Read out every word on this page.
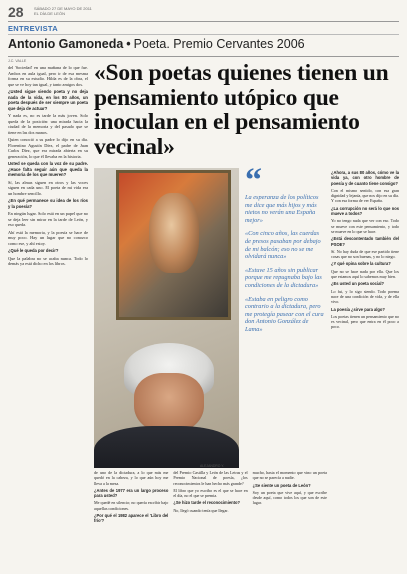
28	SÁBADO 27 DE MAYO DE 2011
EL DÍA DE LEÓN
ENTREVISTA
Antonio Gamoneda • Poeta. Premio Cervantes 2006
J.C. VALLE

del 'Sociedad' en una mañana de lo que fue. Ambos en aula igual, pero ir de esa mesma forma en su estudio. Hilda es de la obra, el que se ve hoy tan igual, y tanto amigos dos.

¿Usted sigue siendo poeta y no deja nada de la vida, en los 80 años, un poeta después de ser siempre un poeta que deja de actuar?

Y nada es, no es tarde la más joven. Solo queda de la posición: una mirada hacia la ciudad de la memoria y del pasado que se tiene en las dos manos.

Quien conoció a su padre lo dijo en su día. Florentino Agustín Díez, el padre de Juan Carlos Díez, que era mirada abierta en su generación, lo que él llevaba en la historia.

Usted se queda con la voz de su padre. ¿Hace falta seguir aún que queda la memoria de los que mueren?

Sí, las almas siguen en otros y las voces siguen en cada uno. El poeta de mi vida era un hombre sencillo.

¿En qué permanece su idea de los ríos y la poesía?

En ningún lugar. Solo está en un papel que no se deja leer sin mirar en la tarde de León, y eso queda.

Ahí está la memoria, y la poesía se hace de muy poco. Hay un lugar que no conozco como ese, y ahí estoy.

¿Qué le queda por decir?

Que la palabra no se acaba nunca. Todo lo demás ya está dicho en los libros.

«Son poetas quienes tienen un pensamiento utópico que inoculan en el pensamiento vecinal»
ALEJANDRO Y.
“

La esperanza de los políticos me dice que más hijos y más nietos no verán una España mejor»

«Con cinco años, las cuerdas de presos pasaban por debajo de mi balcón; eso no se me olvidará nunca»

«Estuve 15 años sin publicar porque me repugnaba bajo las condiciones de la dictadura»

«Estaba en peligro como contrario a la dictadura, pero me protegía pasear con el cura don Antonio González de Lama»

¿Ahora, a sus 80 años, cómo ve la vida ya, con otro hombre de poesía y de cuanto tiene consigo?

Con el mismo sentido, con esa gran dignidad y lejanía, que nos dijo en su día. Y con esa forma de ver España.

¿La corrupción no será lo que nos mueve a todos?

Yo no tengo nada que ver con eso. Todo se mueve con este pensamiento, y todo se mueve en lo que se hace.

¿Está descontentado también del PSOE?

Sí. No hay duda de que ese partido tiene cosas que no son buenas, y no lo niego.

¿Y qué opina sobre la cultura?

Que no se hace nada por ella. Que los que estamos aquí lo sabemos muy bien.

¿Es usted un poeta social?

Lo fui, y lo sigo siendo. Todo poema nace de una condición de vida, y de ella vivo.

La poesía ¿sirve para algo?

Los poetas tienen un pensamiento que no es vecinal, pero que entra en él poco a poco.

de uno de la dictadura, a lo que más me quedó en la cabeza, y lo que aún hoy me lleva a la mesa.

¿Antes de 1977 era un largo proceso para usted?

Me quedé en silencio; no quería escribir bajo aquellas condiciones.

¿Por qué el 1982 aparece el 'Libro del frío'?

del Premio Castilla y León de las Letras y el Premio Nacional de poesía, ¿los reconocimientos le han hecho más grande?

El libro que yo escribo es el que se hace en el día, no el que se premia.

¿Se hizo tarde el reconocimiento?

No, llegó cuando tenía que llegar.

mucho, hasta el momento que vino un poeta que no se parecía a nadie.

¿Se siente un poeta de León?

Soy un poeta que vive aquí, y que escribe desde aquí, como todos los que son de este lugar.
